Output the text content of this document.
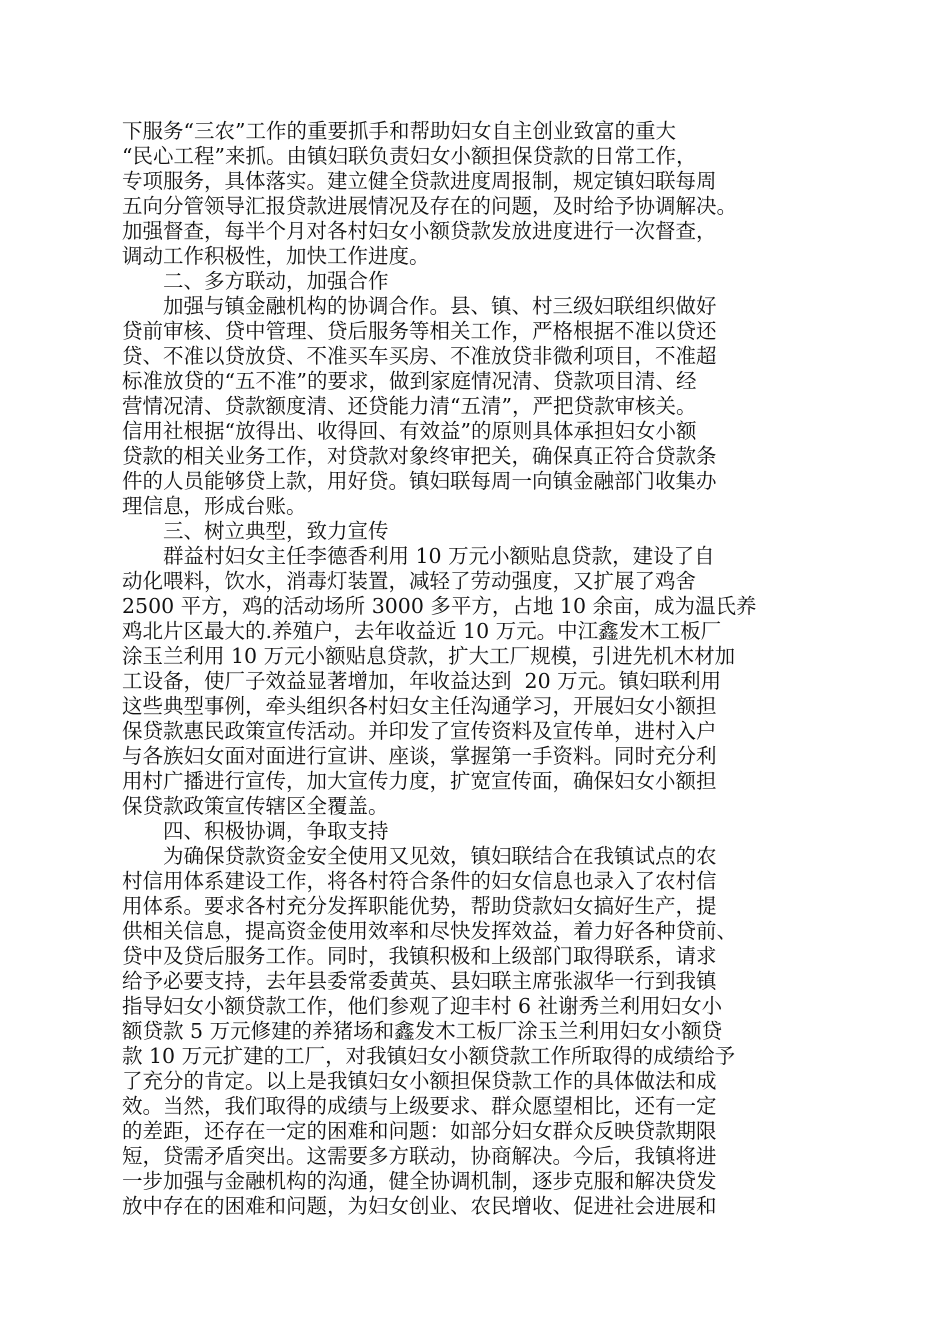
下服务“三农”工作的重要抓手和帮助妇女自主创业致富的重大
“民心工程”来抓。由镇妇联负责妇女小额担保贷款的日常工作，
专项服务，具体落实。建立健全贷款进度周报制，规定镇妇联每周
五向分管领导汇报贷款进展情况及存在的问题，及时给予协调解决。
加强督查，每半个月对各村妇女小额贷款发放进度进行一次督查，
调动工作积极性，加快工作进度。
　　二、多方联动，加强合作
　　加强与镇金融机构的协调合作。县、镇、村三级妇联组织做好
贷前审核、贷中管理、贷后服务等相关工作，严格根据不准以贷还
贷、不准以贷放贷、不准买车买房、不准放贷非微利项目，不准超
标准放贷的“五不准”的要求，做到家庭情况清、贷款项目清、经
营情况清、贷款额度清、还贷能力清“五清”，严把贷款审核关。
信用社根据“放得出、收得回、有效益”的原则具体承担妇女小额
贷款的相关业务工作，对贷款对象终审把关，确保真正符合贷款条
件的人员能够贷上款，用好贷。镇妇联每周一向镇金融部门收集办
理信息，形成台账。
　　三、树立典型，致力宣传
　　群益村妇女主任李德香利用 10 万元小额贴息贷款，建设了自
动化喂料，饮水，消毒灯装置，减轻了劳动强度，又扩展了鸡舍
2500 平方，鸡的活动场所 3000 多平方，占地 10 余亩，成为温氏养
鸡北片区最大的.养殖户，去年收益近 10 万元。中江鑫发木工板厂
涂玉兰利用 10 万元小额贴息贷款，扩大工厂规模，引进先机木材加
工设备，使厂子效益显著增加，年收益达到  20 万元。镇妇联利用
这些典型事例，牵头组织各村妇女主任沟通学习，开展妇女小额担
保贷款惠民政策宣传活动。并印发了宣传资料及宣传单，进村入户
与各族妇女面对面进行宣讲、座谈，掌握第一手资料。同时充分利
用村广播进行宣传，加大宣传力度，扩宽宣传面，确保妇女小额担
保贷款政策宣传辖区全覆盖。
　　四、积极协调，争取支持
　　为确保贷款资金安全使用又见效，镇妇联结合在我镇试点的农
村信用体系建设工作，将各村符合条件的妇女信息也录入了农村信
用体系。要求各村充分发挥职能优势，帮助贷款妇女搞好生产，提
供相关信息，提高资金使用效率和尽快发挥效益，着力好各种贷前、
贷中及贷后服务工作。同时，我镇积极和上级部门取得联系，请求
给予必要支持，去年县委常委黄英、县妇联主席张淑华一行到我镇
指导妇女小额贷款工作，他们参观了迎丰村 6 社谢秀兰利用妇女小
额贷款 5 万元修建的养猪场和鑫发木工板厂涂玉兰利用妇女小额贷
款 10 万元扩建的工厂，对我镇妇女小额贷款工作所取得的成绩给予
了充分的肯定。以上是我镇妇女小额担保贷款工作的具体做法和成
效。当然，我们取得的成绩与上级要求、群众愿望相比，还有一定
的差距，还存在一定的困难和问题：如部分妇女群众反映贷款期限
短，贷需矛盾突出。这需要多方联动，协商解决。今后，我镇将进
一步加强与金融机构的沟通，健全协调机制，逐步克服和解决贷发
放中存在的困难和问题，为妇女创业、农民增收、促进社会进展和
